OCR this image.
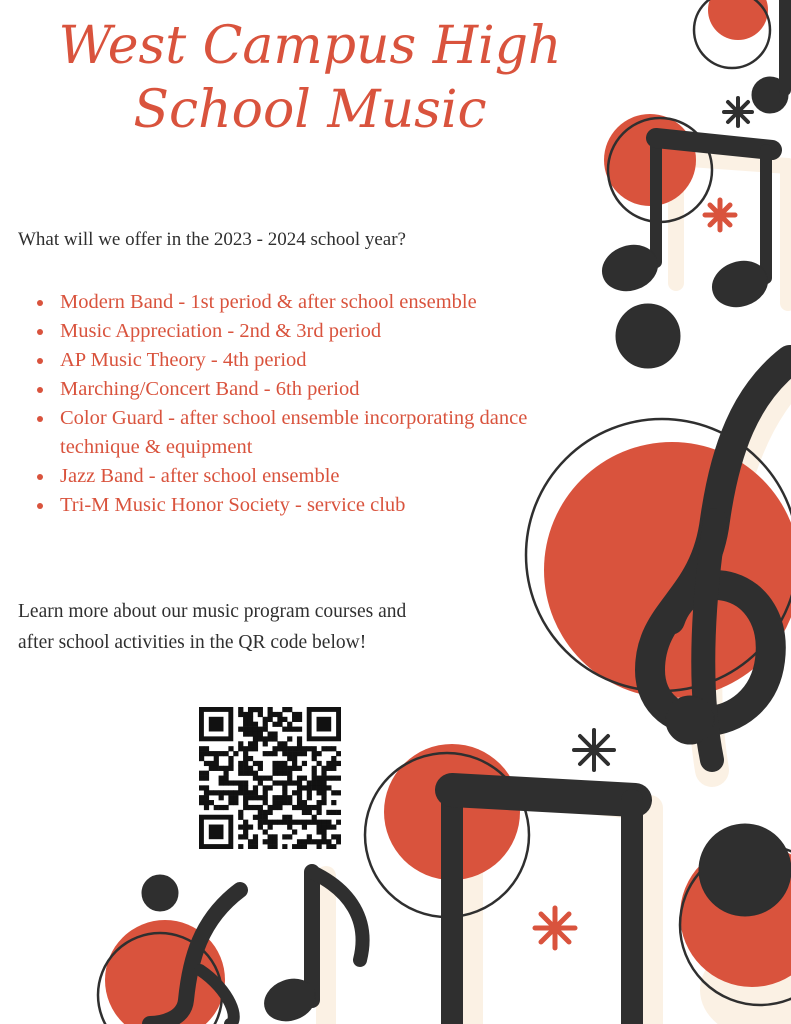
West Campus High
School Music

What will we offer in the 2023 - 2024 school year?

Modern Band - 1st period & after school ensemble
Music Appreciation - 2nd & 3rd period
AP Music Theory - 4th period
Marching/Concert Band - 6th period
Color Guard - after school ensemble incorporating dance technique & equipment
Jazz Band - after school ensemble
Tri-M Music Honor Society - service club

Learn more about our music program courses and after school activities in the QR code below!
